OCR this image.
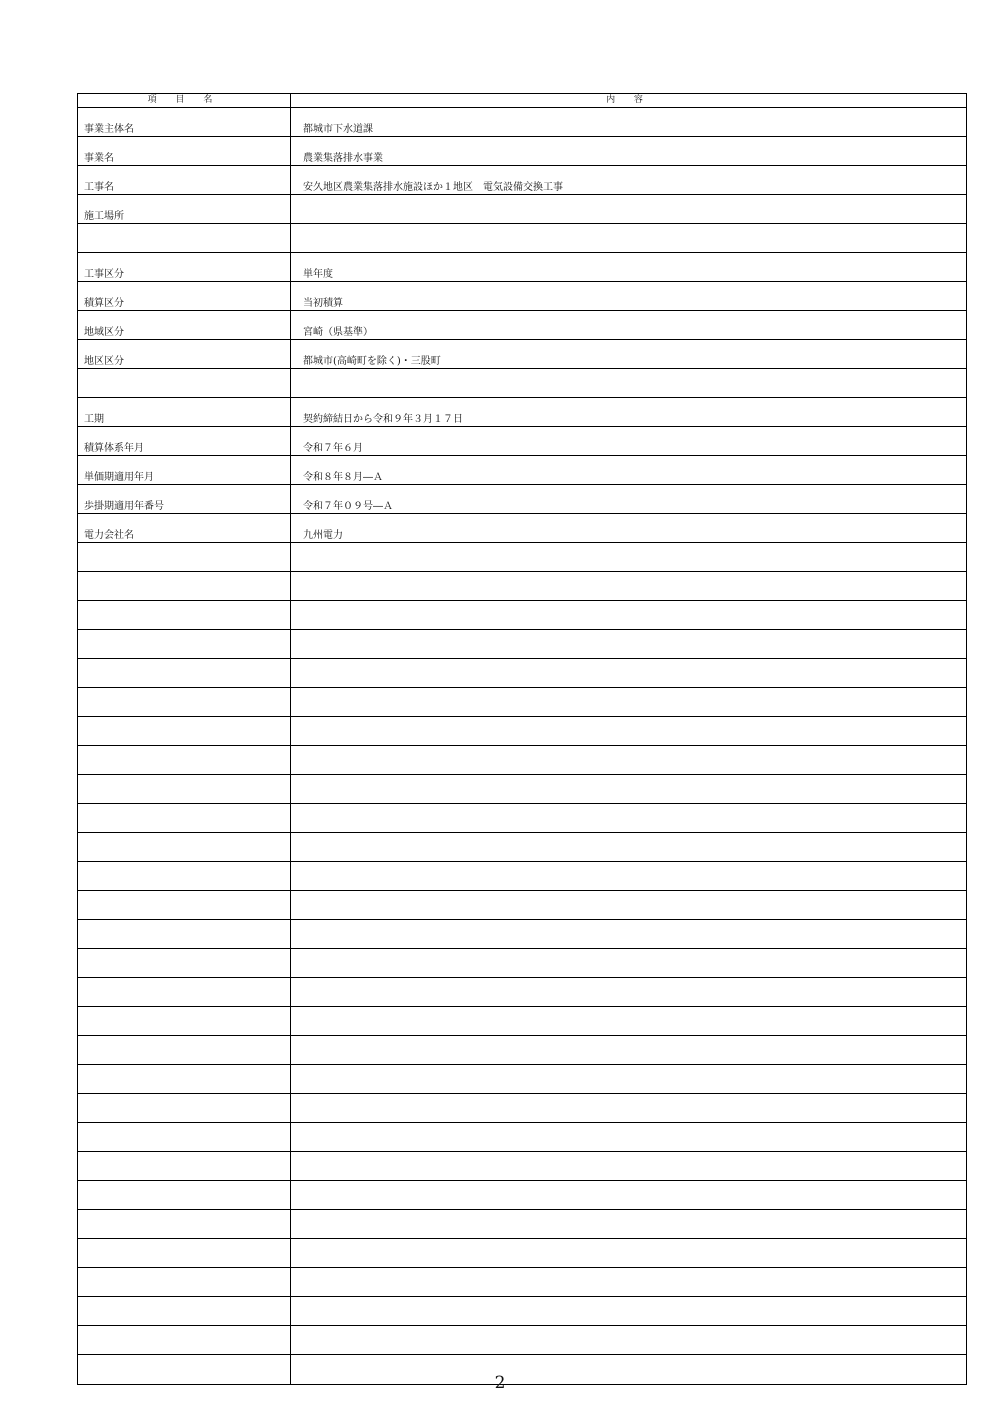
項 目 名	内 容
事業主体名	都城市下水道課
事業名	農業集落排水事業
工事名	安久地区農業集落排水施設ほか１地区　電気設備交換工事
施工場所
工事区分	単年度
積算区分	当初積算
地域区分	宮崎（県基準）
地区区分	都城市(高崎町を除く)・三股町
工期	契約締結日から令和９年３月１７日
積算体系年月	令和７年６月
単価期適用年月	令和８年８月―Ａ
歩掛期適用年番号	令和７年０９号―Ａ
電力会社名	九州電力
2
